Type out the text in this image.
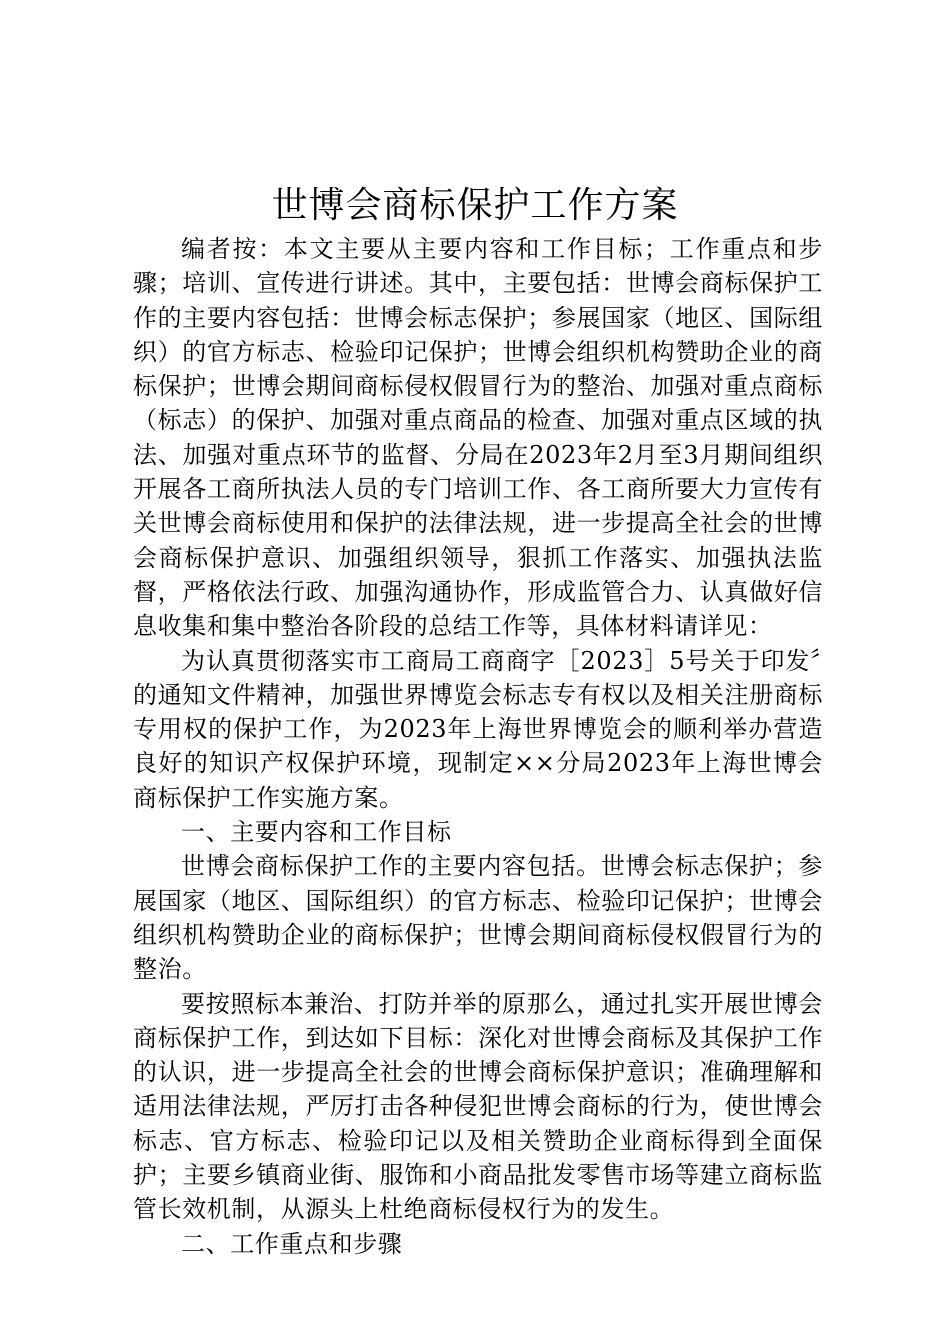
世博会商标保护工作方案

编者按：本文主要从主要内容和工作目标；工作重点和步骤；培训、宣传进行讲述。其中，主要包括：世博会商标保护工作的主要内容包括：世博会标志保护；参展国家（地区、国际组织）的官方标志、检验印记保护；世博会组织机构赞助企业的商标保护；世博会期间商标侵权假冒行为的整治、加强对重点商标（标志）的保护、加强对重点商品的检查、加强对重点区域的执法、加强对重点环节的监督、分局在2023年2月至3月期间组织开展各工商所执法人员的专门培训工作、各工商所要大力宣传有关世博会商标使用和保护的法律法规，进一步提高全社会的世博会商标保护意识、加强组织领导，狠抓工作落实、加强执法监督，严格依法行政、加强沟通协作，形成监管合力、认真做好信息收集和集中整治各阶段的总结工作等，具体材料请详见：

为认真贯彻落实市工商局工商商字［2023］5号关于印发〞的通知文件精神，加强世界博览会标志专有权以及相关注册商标专用权的保护工作，为2023年上海世界博览会的顺利举办营造良好的知识产权保护环境，现制定××分局2023年上海世博会商标保护工作实施方案。

一、主要内容和工作目标

世博会商标保护工作的主要内容包括。世博会标志保护；参展国家（地区、国际组织）的官方标志、检验印记保护；世博会组织机构赞助企业的商标保护；世博会期间商标侵权假冒行为的整治。

要按照标本兼治、打防并举的原那么，通过扎实开展世博会商标保护工作，到达如下目标：深化对世博会商标及其保护工作的认识，进一步提高全社会的世博会商标保护意识；准确理解和适用法律法规，严厉打击各种侵犯世博会商标的行为，使世博会标志、官方标志、检验印记以及相关赞助企业商标得到全面保护；主要乡镇商业街、服饰和小商品批发零售市场等建立商标监管长效机制，从源头上杜绝商标侵权行为的发生。

二、工作重点和步骤
